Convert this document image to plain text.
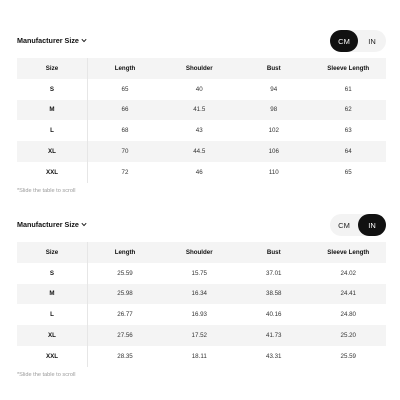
Manufacturer Size	CM	IN
Size	Length	Shoulder	Bust	Sleeve Length
S	65	40	94	61
M	66	41.5	98	62
L	68	43	102	63
XL	70	44.5	106	64
XXL	72	46	110	65
*Slide the table to scroll
Manufacturer Size	CM	IN
Size	Length	Shoulder	Bust	Sleeve Length
S	25.59	15.75	37.01	24.02
M	25.98	16.34	38.58	24.41
L	26.77	16.93	40.16	24.80
XL	27.56	17.52	41.73	25.20
XXL	28.35	18.11	43.31	25.59
*Slide the table to scroll
